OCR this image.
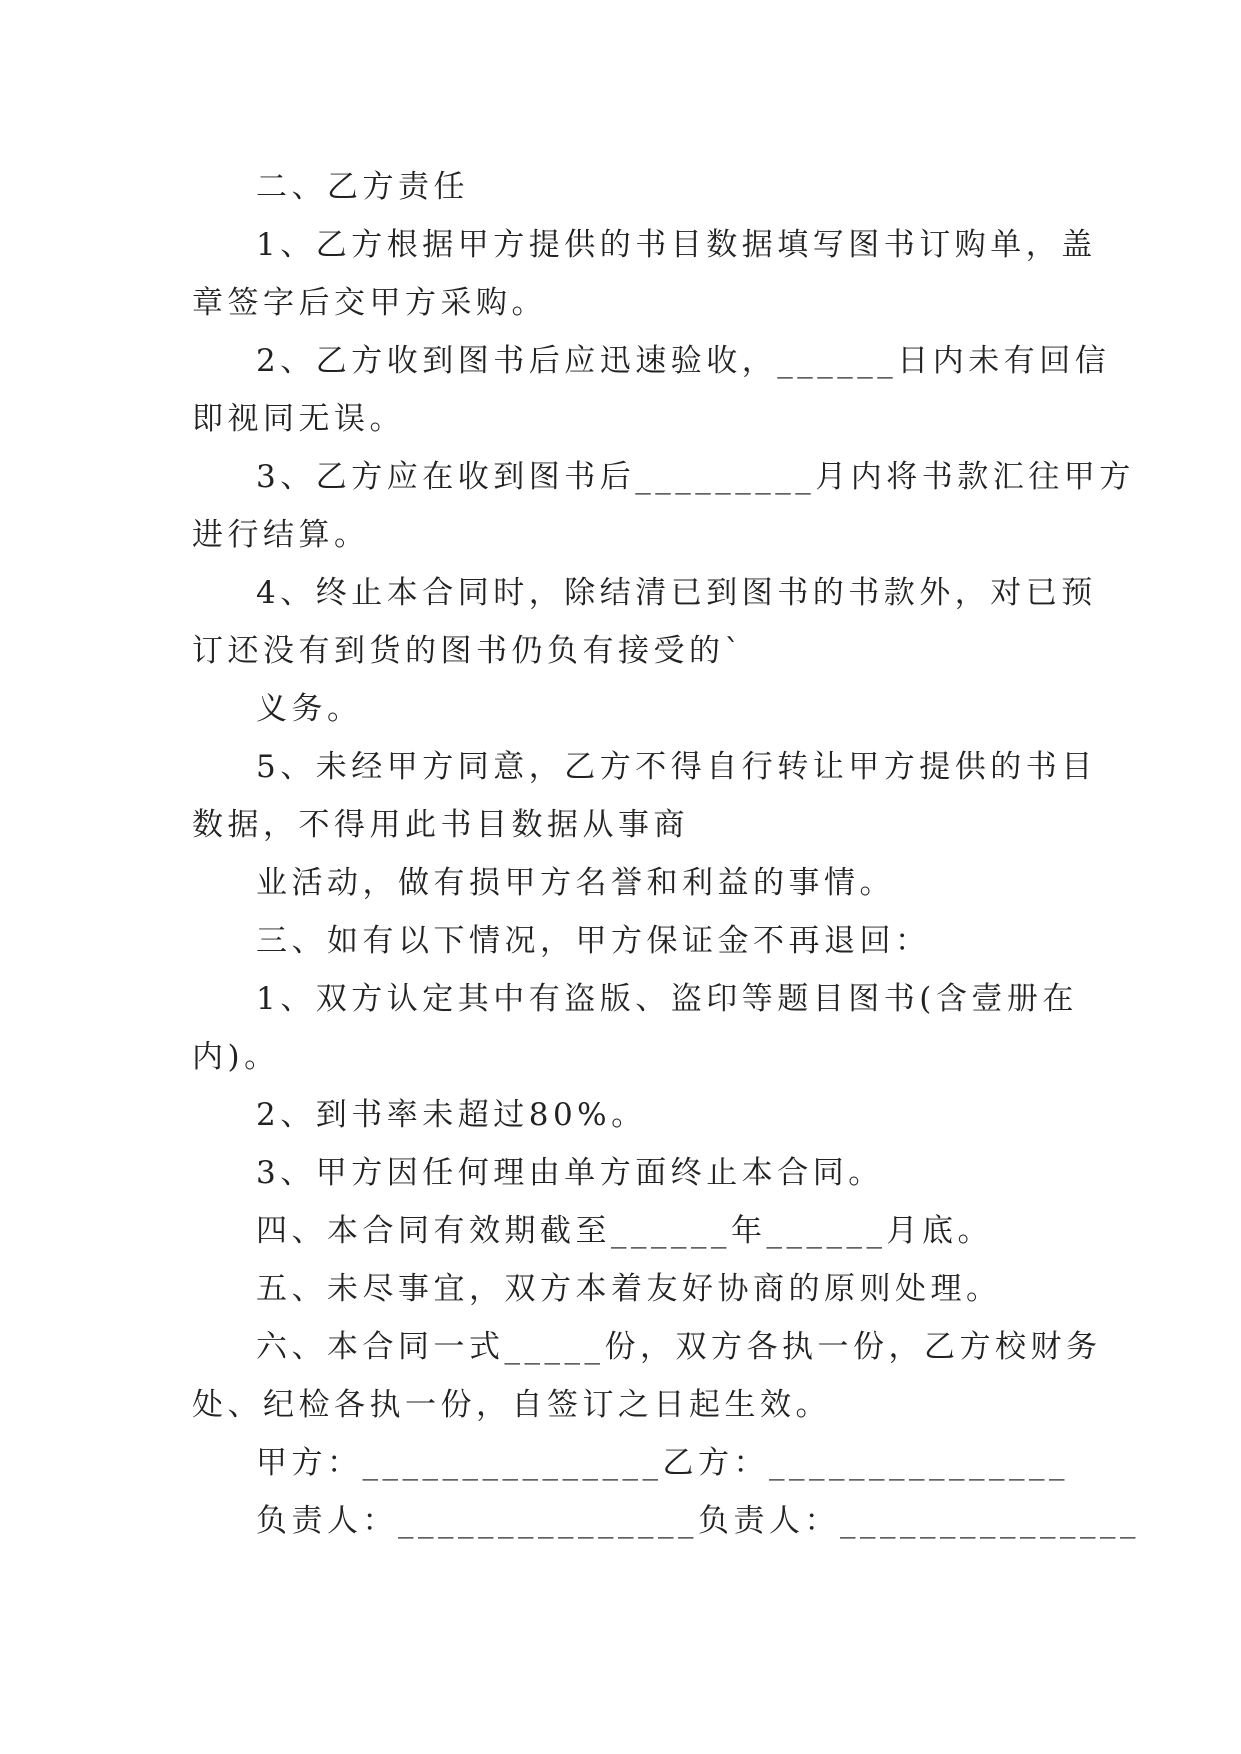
二、乙方责任

1、乙方根据甲方提供的书目数据填写图书订购单，盖

章签字后交甲方采购。

2、乙方收到图书后应迅速验收，______日内未有回信

即视同无误。

3、乙方应在收到图书后_________月内将书款汇往甲方

进行结算。

4、终止本合同时，除结清已到图书的书款外，对已预

订还没有到货的图书仍负有接受的`

义务。

5、未经甲方同意，乙方不得自行转让甲方提供的书目

数据，不得用此书目数据从事商

业活动，做有损甲方名誉和利益的事情。

三、如有以下情况，甲方保证金不再退回：

1、双方认定其中有盗版、盗印等题目图书(含壹册在

内)。

2、到书率未超过80%。

3、甲方因任何理由单方面终止本合同。

四、本合同有效期截至______年______月底。

五、未尽事宜，双方本着友好协商的原则处理。

六、本合同一式_____份，双方各执一份，乙方校财务

处、纪检各执一份，自签订之日起生效。

甲方：_______________乙方：_______________

负责人：_______________负责人：_______________
